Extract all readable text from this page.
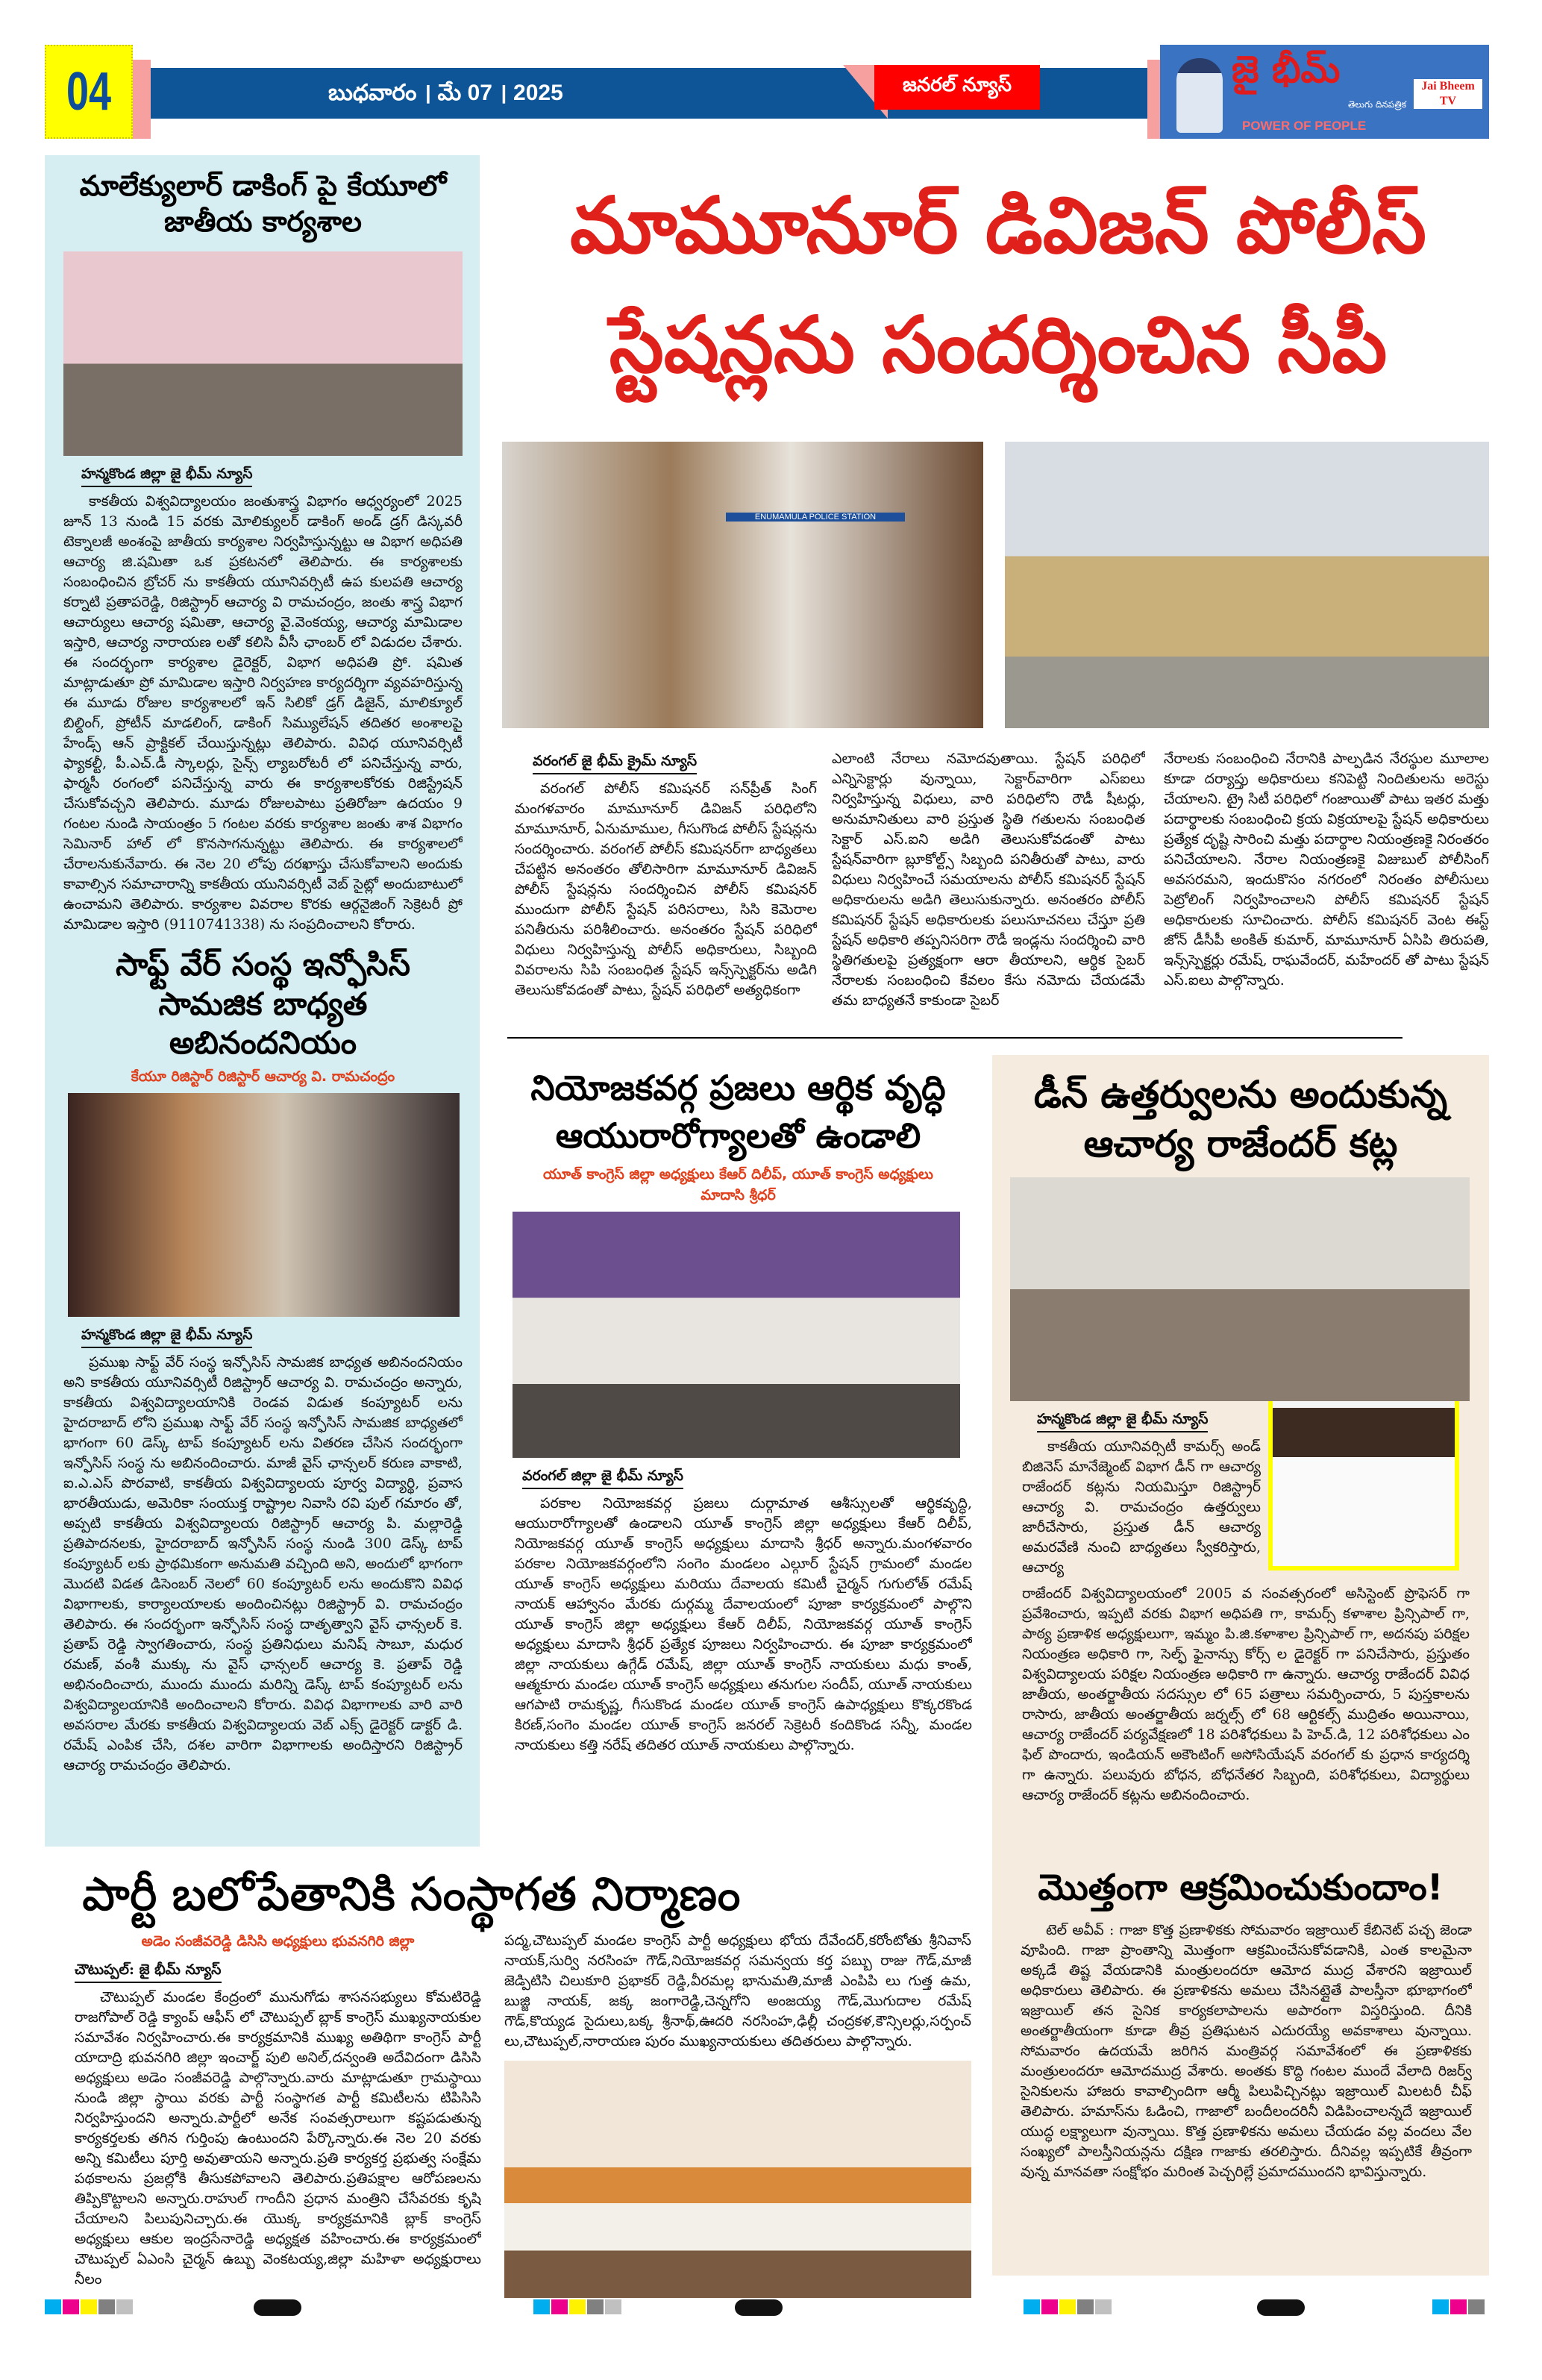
04	బుధవారం । మే 07 । 2025	జనరల్ న్యూస్	జై భీమ్
తెలుగు దినపత్రిక
POWER OF PEOPLE
Jai Bheem TV
మాలేక్యులార్ డాకింగ్ పై కేయూలో జాతీయ కార్యశాల
హన్మకొండ జిల్లా జై భీమ్ న్యూస్
కాకతీయ విశ్వవిద్యాలయం జంతుశాస్త్ర విభాగం ఆధ్వర్యంలో 2025 జూన్ 13 నుండి 15 వరకు మోలిక్యులర్ డాకింగ్ అండ్ డ్రగ్ డిస్కవరీ టెక్నాలజీ అంశంపై జాతీయ కార్యశాల నిర్వహిస్తున్నట్టు ఆ విభాగ అధిపతి ఆచార్య జి.షమితా ఒక ప్రకటనలో తెలిపారు. ఈ కార్యశాలకు సంబంధించిన బ్రోచర్ ను కాకతీయ యూనివర్సిటీ ఉప కులపతి ఆచార్య కర్నాటి ప్రతాపరెడ్డి, రిజిస్ట్రార్ ఆచార్య వి రామచంద్రం, జంతు శాస్త్ర విభాగ ఆచార్యులు ఆచార్య షమితా, ఆచార్య వై.వెంకయ్య, ఆచార్య మామిడాల ఇస్తారి, ఆచార్య నారాయణ లతో కలిసి వీసీ ఛాంబర్ లో విడుదల చేశారు. ఈ సందర్భంగా కార్యశాల డైరెక్టర్, విభాగ అధిపతి ప్రో. షమిత మాట్లాడుతూ ప్రో మామిడాల ఇస్తారి నిర్వహణ కార్యదర్శిగా వ్యవహరిస్తున్న ఈ మూడు రోజుల కార్యశాలలో ఇన్ సిలికో డ్రగ్ డిజైన్, మాలిక్యూల్ బిల్డింగ్, ప్రోటీన్ మాడలింగ్, డాకింగ్ సిమ్యులేషన్ తదితర అంశాలపై హేండ్స్ ఆన్ ప్రాక్టికల్ చేయిస్తున్నట్లు తెలిపారు. వివిధ యూనివర్సిటీ ఫ్యాకల్టీ, పీ.ఎచ్.డీ స్కాలర్లు, సైన్స్ ల్యాబరోటరీ లో పనిచేస్తున్న వారు, ఫార్మసీ రంగంలో పనిచేస్తున్న వారు ఈ కార్యశాలకోరకు రిజిస్ట్రేషన్ చేసుకోవచ్చని తెలిపారు. మూడు రోజులపాటు ప్రతిరోజూ ఉదయం 9 గంటల నుండి సాయంత్రం 5 గంటల వరకు కార్యశాల జంతు శాశ విభాగం సెమినార్ హాల్ లో కొనసాగనున్నట్టు తెలిపారు. ఈ కార్యశాలలో చేరాలనుకునేవారు. ఈ నెల 20 లోపు దరఖాస్తు చేసుకోవాలని అందుకు కావాల్సిన సమాచారాన్ని కాకతీయ యునివర్సిటీ వెబ్ సైట్లో అందుబాటులో ఉంచామని తెలిపారు. కార్యశాల వివరాల కొరకు ఆర్గనైజింగ్ సెక్రెటరీ ప్రో మామిడాల ఇస్తారి (9110741338) ను సంప్రదించాలని కోరారు.
సాఫ్ట్ వేర్ సంస్థ ఇన్ఫోసిస్ సామజిక బాధ్యత అబినందనియం
కేయూ రిజిస్టార్ రిజిస్టార్ ఆచార్య వి. రామచంద్రం
హన్మకొండ జిల్లా జై భీమ్ న్యూస్
ప్రముఖ సాఫ్ట్ వేర్ సంస్థ ఇన్ఫోసిస్ సామజిక బాధ్యత అబినందనియం అని కాకతీయ యూనివర్సిటీ రిజిస్ట్రార్ ఆచార్య వి. రామచంద్రం అన్నారు, కాకతీయ విశ్వవిద్యాలయానికి రెండవ విడుత కంప్యూటర్ లను హైదరాబాద్ లోని ప్రముఖ సాఫ్ట్ వేర్ సంస్థ ఇన్ఫోసిస్ సామజిక బాధ్యతలో భాగంగా 60 డెస్క్ టాప్ కంప్యూటర్ లను వితరణ చేసిన సందర్భంగా ఇన్ఫోసిస్ సంస్థ ను అబినందించారు. మాజీ వైస్ ఛాన్సలర్ కరుణ వాకాటి, ఐ.ఎ.ఎస్ పొరవాటి, కాకతీయ విశ్వవిద్యాలయ పూర్వ విద్యార్థి, ప్రవాస భారతీయుడు, అమెరికా సంయుక్త రాష్ట్రాల నివాసి రవి పుల్ గమారం తో, అప్పటి కాకతీయ విశ్వవిద్యాలయ రిజిస్ట్రార్ ఆచార్య పి. మల్లారెడ్డి ప్రతిపాదనలకు, హైదరాబాద్ ఇన్ఫోసిస్ సంస్థ నుండి 300 డెస్క్ టాప్ కంప్యూటర్ లకు ప్రాథమికంగా అనుమతి వచ్చింది అని, అందులో భాగంగా మొదటి విడత డిసెంబర్ నెలలో 60 కంప్యూటర్ లను అందుకొని వివిధ విభాగాలకు, కార్యాలయాలకు అందించినట్లు రిజిస్ట్రార్ వి. రామచంద్రం తెలిపారు. ఈ సందర్భంగా ఇన్ఫోసిస్ సంస్థ దాతృత్వాని వైస్ ఛాన్సలర్ కె. ప్రతాప్ రెడ్డి స్వాగతించారు, సంస్థ ప్రతినిధులు మనిష్ సాబూ, మధుర రమణ్, వంశీ ముక్కు ను వైస్ ఛాన్సలర్ ఆచార్య కె. ప్రతాప్ రెడ్డి అభినందించారు, ముందు ముందు మరిన్ని డెస్క్ టాప్ కంప్యూటర్ లను విశ్వవిద్యాలయానికి అందించాలని కోరారు. వివిధ విభాగాలకు వారి వారి అవసరాల మేరకు కాకతీయ విశ్వవిద్యాలయ వెబ్ ఎక్స్ డైరెక్టర్ డాక్టర్ డి. రమేష్ ఎంపిక చేసి, దశల వారిగా విభాగాలకు అందిస్తారని రిజిస్ట్రార్ ఆచార్య రామచంద్రం తెలిపారు.
మామూనూర్ డివిజన్ పోలీస్ స్టేషన్లను సందర్శించిన సీపీ
ENUMAMULA POLICE STATION
వరంగల్ జై భీమ్ క్రైమ్ న్యూస్
వరంగల్ పోలీస్ కమిషనర్ సన్‌ప్రీత్ సింగ్ మంగళవారం మామూనూర్ డివిజన్ పరిధిలోని మామూనూర్, ఏనుమాముల, గీసుగొండ పోలీస్ స్టేషన్లను సందర్శించారు. వరంగల్ పోలీస్ కమిషనర్‌గా బాధ్యతలు చేపట్టిన అనంతరం తోలిసారిగా మామూనూర్ డివిజన్ పోలీస్ స్టేషన్లను సందర్శించిన పోలీస్ కమిషనర్ ముందుగా పోలీస్ స్టేషన్ పరిసరాలు, సిసి కెమెరాల పనితీరును పరిశీలించారు. అనంతరం స్టేషన్ పరిధిలో విధులు నిర్వహిస్తున్న పోలీస్ అధికారులు, సిబ్బంది వివరాలను సిపి సంబంధిత స్టేషన్ ఇన్స్‌స్పెక్టర్‌ను అడిగి తెలుసుకోవడంతో పాటు, స్టేషన్ పరిధిలో అత్యధికంగా
ఎలాంటి నేరాలు నమోదవుతాయి. స్టేషన్ పరిధిలో ఎన్నిసెక్టార్లు వున్నాయి, సెక్టార్‌వారిగా ఎస్ఐలు నిర్వహిస్తున్న విధులు, వారి పరిధిలోని రౌడీ షీటర్లు, అనుమానితులు వారి ప్రస్తుత స్థితి గతులను సంబంధిత సెక్టార్ ఎస్.ఐని అడిగి తెలుసుకోవడంతో పాటు స్టేషన్‌వారిగా బ్లూకోల్ట్స్ సిబ్బంది పనితీరుతో పాటు, వారు విధులు నిర్వహించే సమయాలను పోలీస్ కమిషనర్ స్టేషన్ అధికారులను అడిగి తెలుసుకున్నారు. అనంతరం పోలీస్ కమిషనర్ స్టేషన్ అధికారులకు పలుసూచనలు చేస్తూ ప్రతి స్టేషన్ అధికారి తప్పనిసరిగా రౌడీ ఇండ్లను సందర్శించి వారి స్థితిగతులపై ప్రత్యక్షంగా ఆరా తీయాలని, ఆర్థిక సైబర్ నేరాలకు సంబంధించి కేవలం కేసు నమోదు చేయడమే తమ బాధ్యతనే కాకుండా సైబర్
నేరాలకు సంబంధించి నేరానికి పాల్పడిన నేరస్థుల మూలాల కూడా దర్యాప్తు అధికారులు కనిపెట్టి నిందితులను అరెస్టు చేయాలని. ట్రై సిటీ పరిధిలో గంజాయితో పాటు ఇతర మత్తు పదార్థాలకు సంబంధించి క్రయ విక్రయాలపై స్టేషన్ అధికారులు ప్రత్యేక దృష్టి సారించి మత్తు పదార్థాల నియంత్రణకై నిరంతరం పనిచేయాలని. నేరాల నియంత్రణకై విజుబుల్ పోలీసింగ్ అవసరమని, ఇందుకొసం నగరంలో నిరంతం పోలీసులు పెట్రోలింగ్ నిర్వహించాలని పోలీస్ కమిషనర్ స్టేషన్ అధికారులకు సూచించారు. పోలీస్ కమిషనర్ వెంట ఈస్ట్ జోన్ డీసీపీ అంకిత్ కుమార్, మామూనూర్ ఏసిపి తిరుపతి, ఇన్స్‌స్పెక్టర్లు రమేష్, రాఘవేందర్, మహేందర్ తో పాటు స్టేషన్ ఎస్.ఐలు పాల్గొన్నారు.
నియోజకవర్గ ప్రజలు ఆర్థిక వృద్ధి ఆయురారోగ్యాలతో ఉండాలి
యూత్ కాంగ్రెస్ జిల్లా అధ్యక్షులు కేఆర్ దిలీప్, యూత్ కాంగ్రెస్ అధ్యక్షులు మాదాసి శ్రీధర్
వరంగల్ జిల్లా జై భీమ్ న్యూస్
పరకాల నియోజకవర్గ ప్రజలు దుర్గామాత ఆశీస్సులతో ఆర్థికవృద్ధి, ఆయురారోగ్యాలతో ఉండాలని యూత్ కాంగ్రెస్ జిల్లా అధ్యక్షులు కేఆర్ దిలీప్, నియోజకవర్గ యూత్ కాంగ్రెస్ అధ్యక్షులు మాదాసి శ్రీధర్ అన్నారు.మంగళవారం పరకాల నియోజకవర్గంలోని సంగెం మండలం ఎల్గూర్ స్టేషన్ గ్రామంలో మండల యూత్ కాంగ్రెస్ అధ్యక్షులు మరియు దేవాలయ కమిటీ చైర్మన్ గుగులోత్ రమేష్ నాయక్ ఆహ్వానం మేరకు దుర్గమ్మ దేవాలయంలో పూజా కార్యక్రమంలో పాల్గొని యూత్ కాంగ్రెస్ జిల్లా అధ్యక్షులు కేఆర్ దిలీప్, నియోజకవర్గ యూత్ కాంగ్రెస్ అధ్యక్షులు మాదాసి శ్రీధర్ ప్రత్యేక పూజలు నిర్వహించారు. ఈ పూజా కార్యక్రమంలో జిల్లా నాయకులు ఉగ్గేడ్ రమేష్, జిల్లా యూత్ కాంగ్రెస్ నాయకులు మధు కాంత్, ఆత్మకూరు మండల యూత్ కాంగ్రెస్ అధ్యక్షులు తనుగుల సందీప్, యూత్ నాయకులు ఆగపాటి రామకృష్ణ, గీసుకొండ మండల యూత్ కాంగ్రెస్ ఉపాధ్యక్షులు కొక్కరకొండ కిరణ్,సంగెం మండల యూత్ కాంగ్రెస్ జనరల్ సెక్రెటరీ కందికొండ సన్నీ, మండల నాయకులు కత్తి నరేష్ తదితర యూత్ నాయకులు పాల్గొన్నారు.
డీన్ ఉత్తర్వులను అందుకున్న ఆచార్య రాజేందర్ కట్ల
హన్మకొండ జిల్లా జై భీమ్ న్యూస్
కాకతీయ యూనివర్సిటీ కామర్స్ అండ్ బిజినెస్ మానేజ్మెంట్ విభాగ డీన్ గా ఆచార్య రాజేందర్ కట్లను నియమిస్తూ రిజిస్ట్రార్ ఆచార్య వి. రామచంద్రం ఉత్తర్వులు జారీచేసారు, ప్రస్తుత డీన్ ఆచార్య అమరవేణి నుంచి బాధ్యతలు స్వీకరిస్తారు, ఆచార్య
రాజేందర్ విశ్వవిద్యాలయంలో 2005 వ సంవత్సరంలో అసిస్టెంట్ ప్రొఫెసర్ గా ప్రవేశించారు, ఇప్పటి వరకు విభాగ అధిపతి గా, కామర్స్ కళాశాల ప్రిన్సిపాల్ గా, పాఠ్య ప్రణాళిక అధ్యక్షులుగా, ఇమ్మం పి.జి.కళాశాల ప్రిన్సిపాల్ గా, అదనపు పరిక్షల నియంత్రణ అధికారి గా, సెల్ఫ్ ఫైనాన్సు కోర్స్ ల డైరెక్టర్ గా పనిచేసారు, ప్రస్తుతం విశ్వవిద్యాలయ పరిక్షల నియంత్రణ అధికారి గా ఉన్నారు. ఆచార్య రాజేందర్ వివిధ జాతీయ, అంతర్జాతీయ సదస్సుల లో 65 పత్రాలు సమర్పించారు, 5 పుస్తకాలను రాసారు, జాతీయ అంతర్జాతీయ జర్నల్స్ లో 68 ఆర్టికల్స్ ముద్రితం అయినాయి, ఆచార్య రాజేందర్ పర్యవేక్షణలో 18 పరిశోధకులు పి హెచ్.డి, 12 పరిశోధకులు ఎం ఫిల్ పొందారు, ఇండియన్ అకౌంటింగ్ అసోసియేషన్ వరంగల్ కు ప్రధాన కార్యదర్శి గా ఉన్నారు. పలువురు బోధన, బోధనేతర సిబ్బంది, పరిశోధకులు, విద్యార్థులు ఆచార్య రాజేందర్ కట్లను అబినందించారు.
మొత్తంగా ఆక్రమించుకుందాం!
టెల్ అవీవ్ : గాజా కొత్త ప్రణాళికకు సోమవారం ఇజ్రాయిల్ కేబినెట్ పచ్చ జెండా వూపింది. గాజా ప్రాంతాన్ని మొత్తంగా ఆక్రమించేసుకోవడానికి, ఎంత కాలమైనా అక్కడే తిష్ట వేయడానికి మంత్రులందరూ ఆమోద ముద్ర వేశారని ఇజ్రాయిల్ అధికారులు తెలిపారు. ఈ ప్రణాళికను అమలు చేసినట్లైతే పాలస్తీనా భూభాగంలో ఇజ్రాయిల్ తన సైనిక కార్యకలాపాలను అపారంగా విస్తరిస్తుంది. దీనికి అంతర్జాతీయంగా కూడా తీవ్ర ప్రతిఘటన ఎదురయ్యే అవకాశాలు వున్నాయి. సోమవారం ఉదయమే జరిగిన మంత్రివర్గ సమావేశంలో ఈ ప్రణాళికకు మంత్రులందరూ ఆమోదముద్ర వేశారు. అంతకు కొద్ది గంటల ముందే వేలాది రిజర్వ్ సైనికులను హాజరు కావాల్సిందిగా ఆర్మీ పిలుపిచ్చినట్లు ఇజ్రాయిల్ మిలటరీ చీఫ్ తెలిపారు. హమాస్‌ను ఓడించి, గాజాలో బందీలందరినీ విడిపించాలన్నదే ఇజ్రాయిల్ యుద్ధ లక్ష్యాలుగా వున్నాయి. కొత్త ప్రణాళికను అమలు చేయడం వల్ల వందలు వేల సంఖ్యలో పాలస్తీనియన్లను దక్షిణ గాజాకు తరలిస్తారు. దీనివల్ల ఇప్పటికే తీవ్రంగా వున్న మానవతా సంక్షోభం మరింత పెచ్చరిల్లే ప్రమాదముందని భావిస్తున్నారు.
పార్టీ బలోపేతానికి సంస్థాగత నిర్మాణం
అడెం సంజీవరెడ్డి డిసిసి అధ్యక్షులు భువనగిరి జిల్లా
చౌటుప్పల్: జై భీమ్ న్యూస్
చౌటుప్పల్ మండల కేంద్రంలో మునుగోడు శాసనసభ్యులు కోమటిరెడ్డి రాజగోపాల్ రెడ్డి క్యాంప్ ఆఫీస్ లో చౌటుప్పల్ బ్లాక్ కాంగ్రెస్ ముఖ్యనాయకుల సమావేశం నిర్వహించారు.ఈ కార్యక్రమానికి ముఖ్య అతిథిగా కాంగ్రెస్ పార్టీ యాదాద్రి భువనగిరి జిల్లా ఇంచార్జ్ పులి అనిల్,దన్వంతి అదేవిదంగా డిసిసి అధ్యక్షులు అడెం సంజీవరెడ్డి పాల్గొన్నారు.వారు మాట్లాడుతూ గ్రామస్థాయి నుండి జిల్లా స్థాయి వరకు పార్టీ సంస్థాగత పార్టీ కమిటీలను టిపిసిసి నిర్వహిస్తుందని అన్నారు.పార్టీలో అనేక సంవత్సరాలుగా కష్టపడుతున్న కార్యకర్తలకు తగిన గుర్తింపు ఉంటుందని పేర్కొన్నారు.ఈ నెల 20 వరకు అన్ని కమిటీలు పూర్తి అవుతాయని అన్నారు.ప్రతి కార్యకర్త ప్రభుత్వ సంక్షేమ పథకాలను ప్రజల్లోకి తీసుకపోవాలని తెలిపారు.ప్రతిపక్షాల ఆరోపణలను తిప్పికొట్టాలని అన్నారు.రాహుల్ గాందీని ప్రధాన మంత్రిని చేసేవరకు కృషి చేయాలని పిలుపునిచ్చారు.ఈ యొక్క కార్యక్రమానికి బ్లాక్ కాంగ్రెస్ అధ్యక్షులు ఆకుల ఇంద్రసేనారెడ్డి అధ్యక్షత వహించారు.ఈ కార్యక్రమంలో చౌటుప్పల్ ఏఎంసి చైర్మన్ ఉబ్బు వెంకటయ్య,జిల్లా మహిళా అధ్యక్షురాలు నీలం
పద్మ,చౌటుప్పల్ మండల కాంగ్రెస్ పార్టీ అధ్యక్షులు భోయ దేవేందర్,కరోంటోతు శ్రీనివాస్ నాయక్,సుర్వి నరసింహ గౌడ్,నియోజకవర్గ సమన్వయ కర్త పబ్బు రాజు గౌడ్,మాజీ జెడ్పిటిసి చిలుకూరి ప్రభాకర్ రెడ్డి,వీరమల్ల భానుమతి,మాజీ ఎంపిపి లు గుత్త ఉమ, బుజ్జి నాయక్, జక్క జంగారెడ్డి,చెన్నగోని అంజయ్య గౌడ్,మొగుదాల రమేష్ గౌడ్,కొయ్యడ సైదులు,బక్క శ్రీనాథ్,ఊదరి నరసింహ,ఢిల్లీ చంద్రకళ,కౌన్సిలర్లు,సర్పంచ్ లు,చౌటుప్పల్,నారాయణ పురం ముఖ్యనాయకులు తదితరులు పాల్గొన్నారు.
